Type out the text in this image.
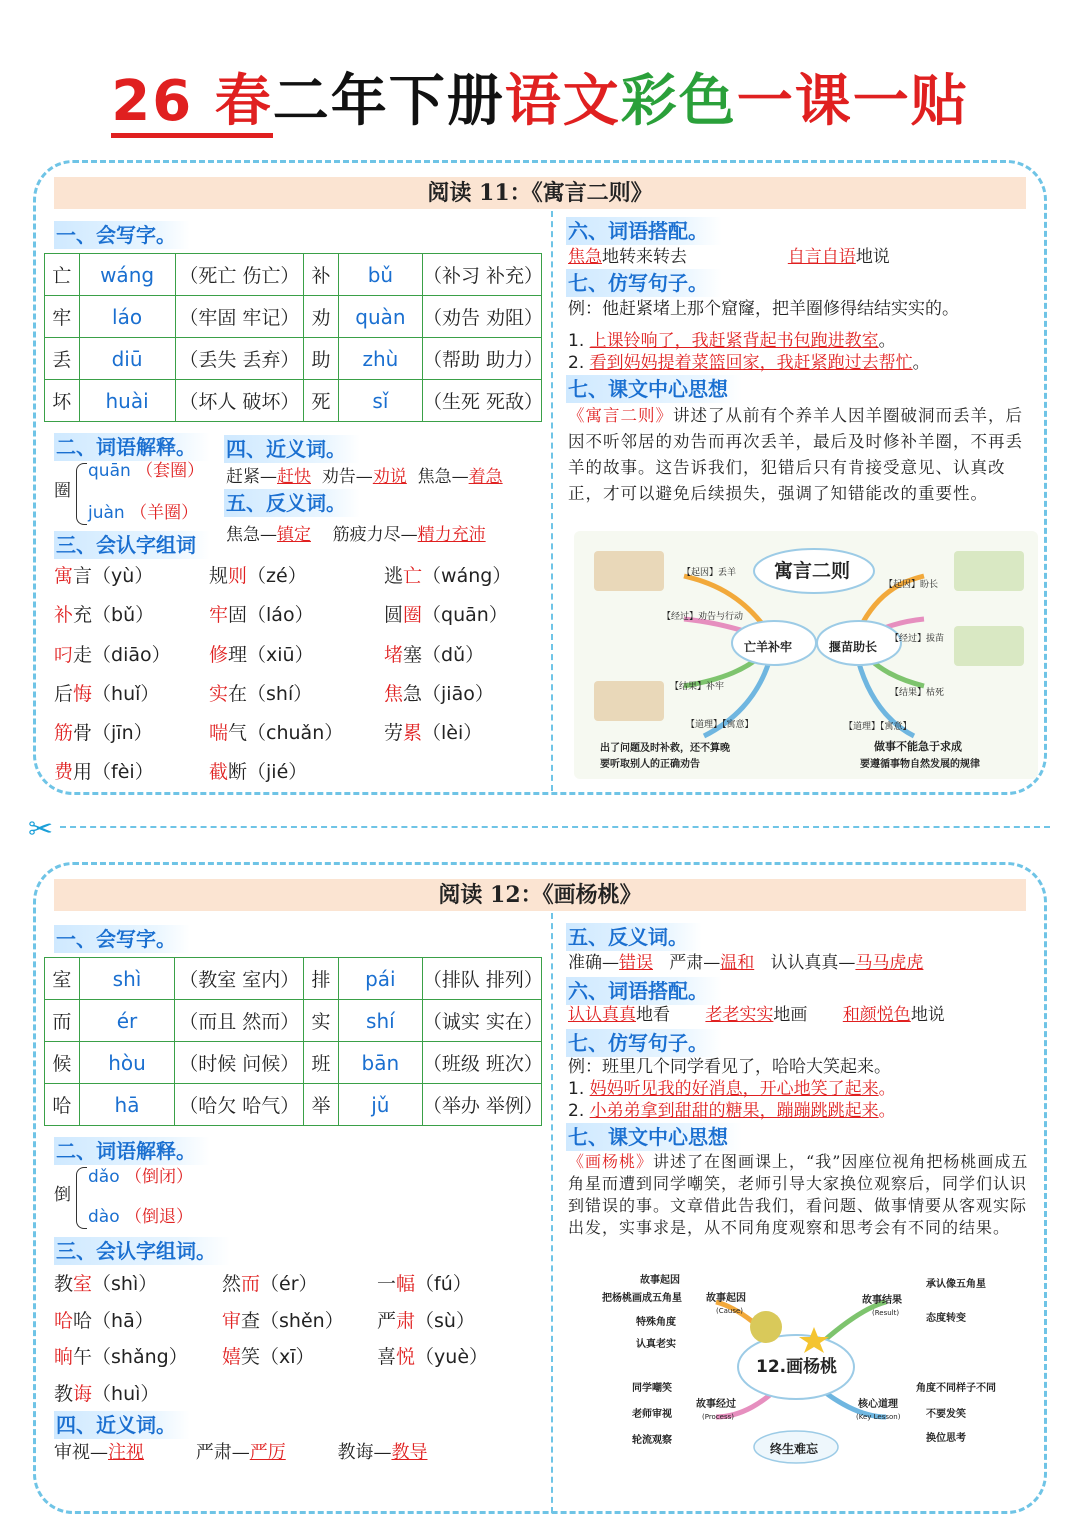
26 春二年下册语文彩色一课一贴
阅读 11：《寓言二则》
一、会写字。
亡	wáng	（死亡 伤亡）	补	bǔ	（补习 补充）
牢	láo	（牢固 牢记）	劝	quàn	（劝告 劝阻）
丢	diū	（丢失 丢弃）	助	zhù	（帮助 助力）
坏	huài	（坏人 破坏）	死	sǐ	（生死 死敌）
二、词语解释。
圈
quān （套圈）
juàn （羊圈）
四、近义词。
赶紧—赶快 劝告—劝说 焦急—着急
五、反义词。
焦急—镇定 筋疲力尽—精力充沛
三、会认字组词
寓言（yù）	规则（zé）	逃亡（wáng）
补充（bǔ）	牢固（láo）	圆圈（quān）
叼走（diāo）	修理（xiū）	堵塞（dǔ）
后悔（huǐ）	实在（shí）	焦急（jiāo）
筋骨（jīn）	喘气（chuǎn）	劳累（lèi）
费用（fèi）	截断（jié）
六、词语搭配。
焦急地转来转去	自言自语地说
七、仿写句子。
例：他赶紧堵上那个窟窿，把羊圈修得结结实实的。
1. 上课铃响了，我赶紧背起书包跑进教室。
2. 看到妈妈提着菜篮回家，我赶紧跑过去帮忙。
七、课文中心思想
《寓言二则》讲述了从前有个养羊人因羊圈破洞而丢羊，后因不听邻居的劝告而再次丢羊，最后及时修补羊圈，不再丢羊的故事。这告诉我们，犯错后只有肯接受意见、认真改正，才可以避免后续损失，强调了知错能改的重要性。
寓言二则
亡羊补牢	揠苗助长
【起因】丢羊
【经过】劝告与行动
【结果】补牢
【道理】【寓意】
出了问题及时补救，还不算晚
要听取别人的正确劝告
【起因】盼长
【经过】拔苗
【结果】枯死
【道理】【寓意】
做事不能急于求成
要遵循事物自然发展的规律
✂
阅读 12：《画杨桃》
一、会写字。
室	shì	（教室 室内）	排	pái	（排队 排列）
而	ér	（而且 然而）	实	shí	（诚实 实在）
候	hòu	（时候 问候）	班	bān	（班级 班次）
哈	hā	（哈欠 哈气）	举	jǔ	（举办 举例）
二、词语解释。
倒
dǎo （倒闭）
dào （倒退）
三、会认字组词。
教室（shì）	然而（ér）	一幅（fú）
哈哈（hā）	审查（shěn）	严肃（sù）
晌午（shǎng）	嬉笑（xī）	喜悦（yuè）
教诲（huì）
四、近义词。
审视—注视	严肃—严厉	教诲—教导
五、反义词。
准确—错误 严肃—温和 认认真真—马马虎虎
六、词语搭配。
认认真真地看 老老实实地画 和颜悦色地说
七、仿写句子。
例：班里几个同学看见了，哈哈大笑起来。
1. 妈妈听见我的好消息，开心地笑了起来。
2. 小弟弟拿到甜甜的糖果，蹦蹦跳跳起来。
七、课文中心思想
《画杨桃》讲述了在图画课上，“我”因座位视角把杨桃画成五角星而遭到同学嘲笑，老师引导大家换位观察后，同学们认识到错误的事。文章借此告我们，看问题、做事情要从客观实际出发，实事求是，从不同角度观察和思考会有不同的结果。
12.画杨桃
故事起因
故事起因
(Cause)
把杨桃画成五角星
特殊角度
认真老实
故事结果
(Result)
承认像五角星
态度转变
同学嘲笑
老师审视
轮流观察
故事经过
(Process)
核心道理
(Key Lesson)
角度不同样子不同
不要发笑
换位思考
终生难忘
